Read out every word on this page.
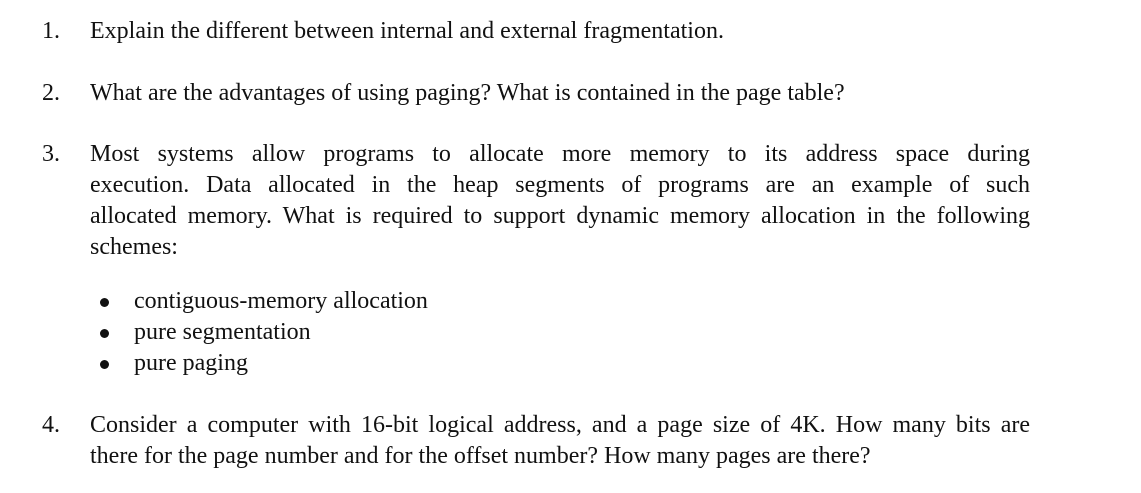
1. Explain the different between internal and external fragmentation.
2. What are the advantages of using paging? What is contained in the page table?
3. Most systems allow programs to allocate more memory to its address space during
execution. Data allocated in the heap segments of programs are an example of such
allocated memory. What is required to support dynamic memory allocation in the following
schemes:
contiguous-memory allocation
pure segmentation
pure paging
4. Consider a computer with 16-bit logical address, and a page size of 4K. How many bits are
there for the page number and for the offset number? How many pages are there?
